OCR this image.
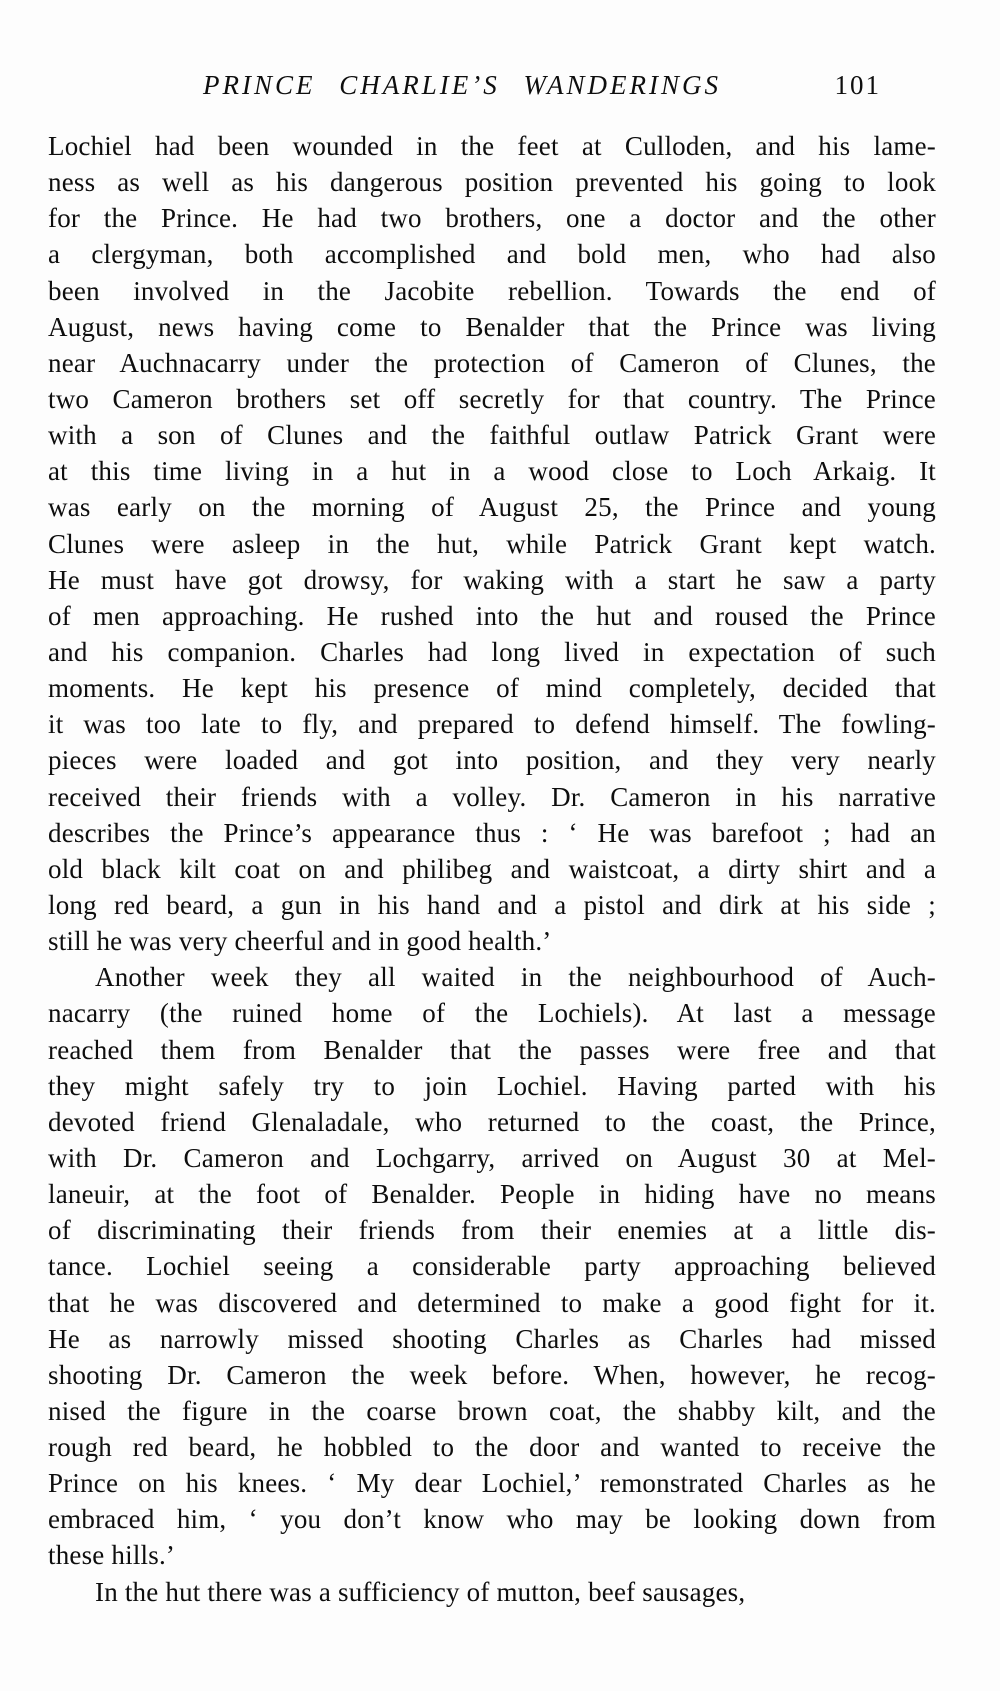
PRINCE CHARLIE’S WANDERINGS	101
Lochiel had been wounded in the feet at Culloden, and his lame-
ness as well as his dangerous position prevented his going to look
for the Prince. He had two brothers, one a doctor and the other
a clergyman, both accomplished and bold men, who had also
been involved in the Jacobite rebellion. Towards the end of
August, news having come to Benalder that the Prince was living
near Auchnacarry under the protection of Cameron of Clunes, the
two Cameron brothers set off secretly for that country. The Prince
with a son of Clunes and the faithful outlaw Patrick Grant were
at this time living in a hut in a wood close to Loch Arkaig. It
was early on the morning of August 25, the Prince and young
Clunes were asleep in the hut, while Patrick Grant kept watch.
He must have got drowsy, for waking with a start he saw a party
of men approaching. He rushed into the hut and roused the Prince
and his companion. Charles had long lived in expectation of such
moments. He kept his presence of mind completely, decided that
it was too late to fly, and prepared to defend himself. The fowling-
pieces were loaded and got into position, and they very nearly
received their friends with a volley. Dr. Cameron in his narrative
describes the Prince’s appearance thus : ‘ He was barefoot ; had an
old black kilt coat on and philibeg and waistcoat, a dirty shirt and a
long red beard, a gun in his hand and a pistol and dirk at his side ;
still he was very cheerful and in good health.’
Another week they all waited in the neighbourhood of Auch-
nacarry (the ruined home of the Lochiels). At last a message
reached them from Benalder that the passes were free and that
they might safely try to join Lochiel. Having parted with his
devoted friend Glenaladale, who returned to the coast, the Prince,
with Dr. Cameron and Lochgarry, arrived on August 30 at Mel-
laneuir, at the foot of Benalder. People in hiding have no means
of discriminating their friends from their enemies at a little dis-
tance. Lochiel seeing a considerable party approaching believed
that he was discovered and determined to make a good fight for it.
He as narrowly missed shooting Charles as Charles had missed
shooting Dr. Cameron the week before. When, however, he recog-
nised the figure in the coarse brown coat, the shabby kilt, and the
rough red beard, he hobbled to the door and wanted to receive the
Prince on his knees. ‘ My dear Lochiel,’ remonstrated Charles as he
embraced him, ‘ you don’t know who may be looking down from
these hills.’
In the hut there was a sufficiency of mutton, beef sausages,
